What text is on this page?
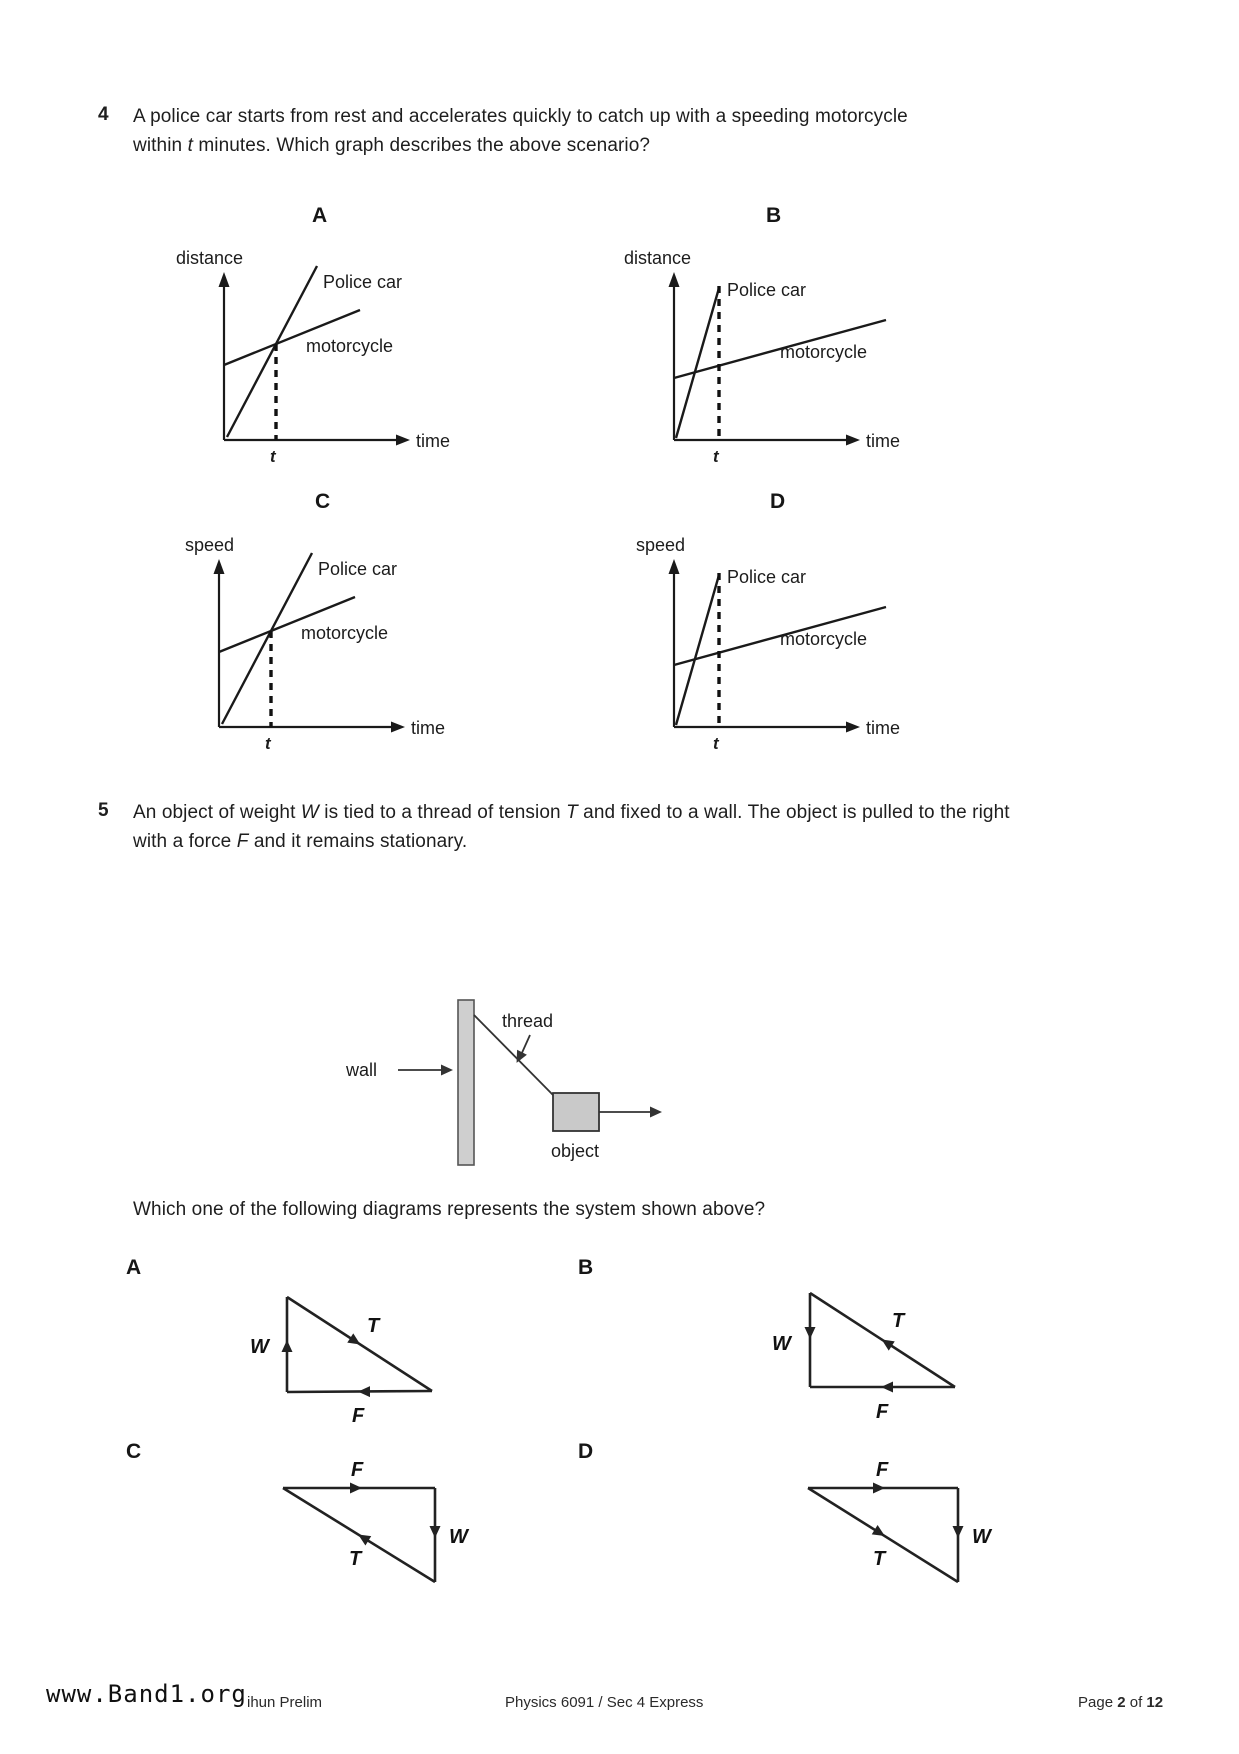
4 A police car starts from rest and accelerates quickly to catch up with a speeding motorcycle within t minutes. Which graph describes the above scenario?
A	B
distance
time
Police car
motorcycle
t
distance
time
Police car
motorcycle
t
C	D
speed
time
Police car
motorcycle
t
speed
time
Police car
motorcycle
t
5 An object of weight W is tied to a thread of tension T and fixed to a wall. The object is pulled to the right with a force F and it remains stationary.
wall
thread
object
Which one of the following diagrams represents the system shown above?
A	B
W
T
F
W
T
F
C	D
F
W
T
F
W
T
www.Band1.org ihun Prelim	Physics 6091 / Sec 4 Express	Page 2 of 12
